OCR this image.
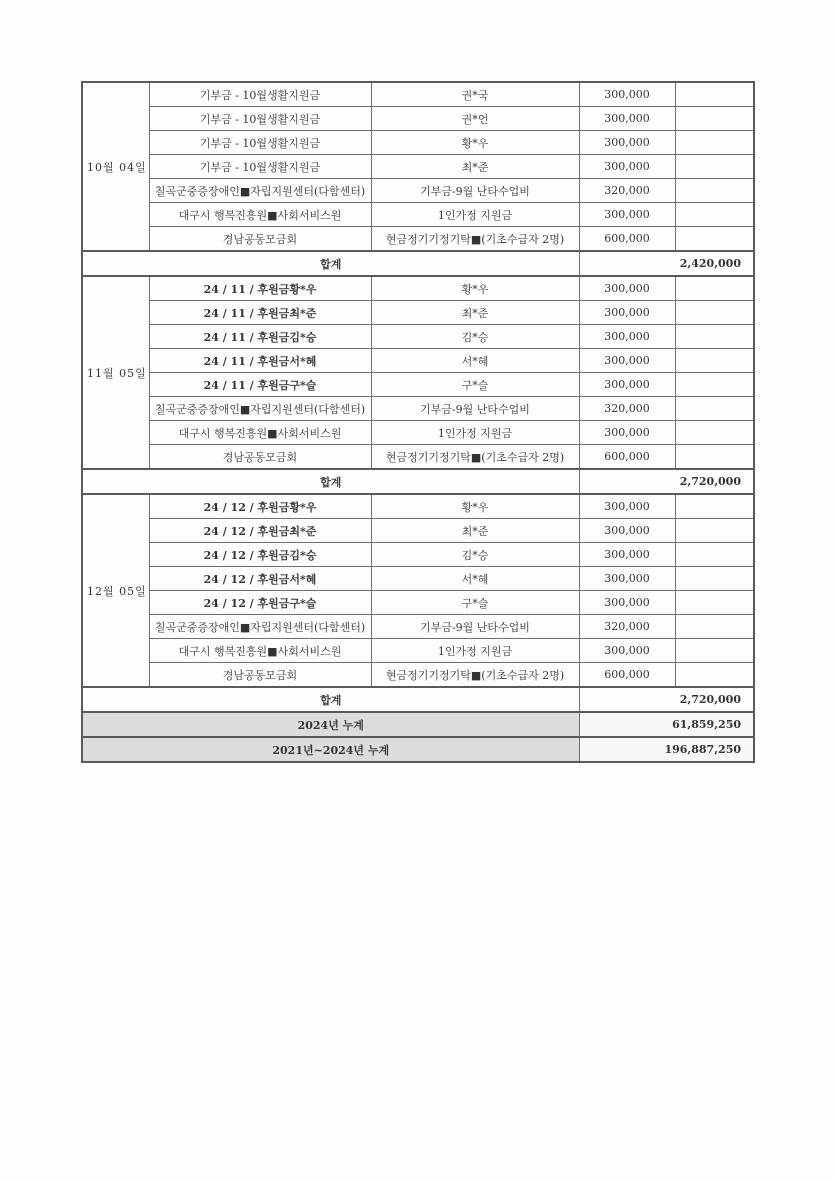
10월 04일	기부금 - 10월생활지원금	권*국	300,000	
	기부금 - 10월생활지원금	권*언	300,000	
	기부금 - 10월생활지원금	황*우	300,000	
	기부금 - 10월생활지원금	최*준	300,000	
	칠곡군중증장애인■자립지원센터(다함센터)	기부금-9월 난타수업비	320,000	
	대구시 행복진흥원■사회서비스원	1인가정 지원금	300,000	
	경남공동모금회	현금정기기정기탁■(기초수급자 2명)	600,000	
합계			2,420,000	
11월 05일	24 / 11 / 후원금황*우	황*우	300,000	
	24 / 11 / 후원금최*준	최*준	300,000	
	24 / 11 / 후원금김*승	김*승	300,000	
	24 / 11 / 후원금서*혜	서*혜	300,000	
	24 / 11 / 후원금구*슬	구*슬	300,000	
	칠곡군중증장애인■자립지원센터(다함센터)	기부금-9월 난타수업비	320,000	
	대구시 행복진흥원■사회서비스원	1인가정 지원금	300,000	
	경남공동모금회	현금정기기정기탁■(기초수급자 2명)	600,000	
합계			2,720,000	
12월 05일	24 / 12 / 후원금황*우	황*우	300,000	
	24 / 12 / 후원금최*준	최*준	300,000	
	24 / 12 / 후원금김*승	김*승	300,000	
	24 / 12 / 후원금서*혜	서*혜	300,000	
	24 / 12 / 후원금구*슬	구*슬	300,000	
	칠곡군중증장애인■자립지원센터(다함센터)	기부금-9월 난타수업비	320,000	
	대구시 행복진흥원■사회서비스원	1인가정 지원금	300,000	
	경남공동모금회	현금정기기정기탁■(기초수급자 2명)	600,000	
합계			2,720,000	
2024년 누계			61,859,250	
2021년~2024년 누계			196,887,250	
